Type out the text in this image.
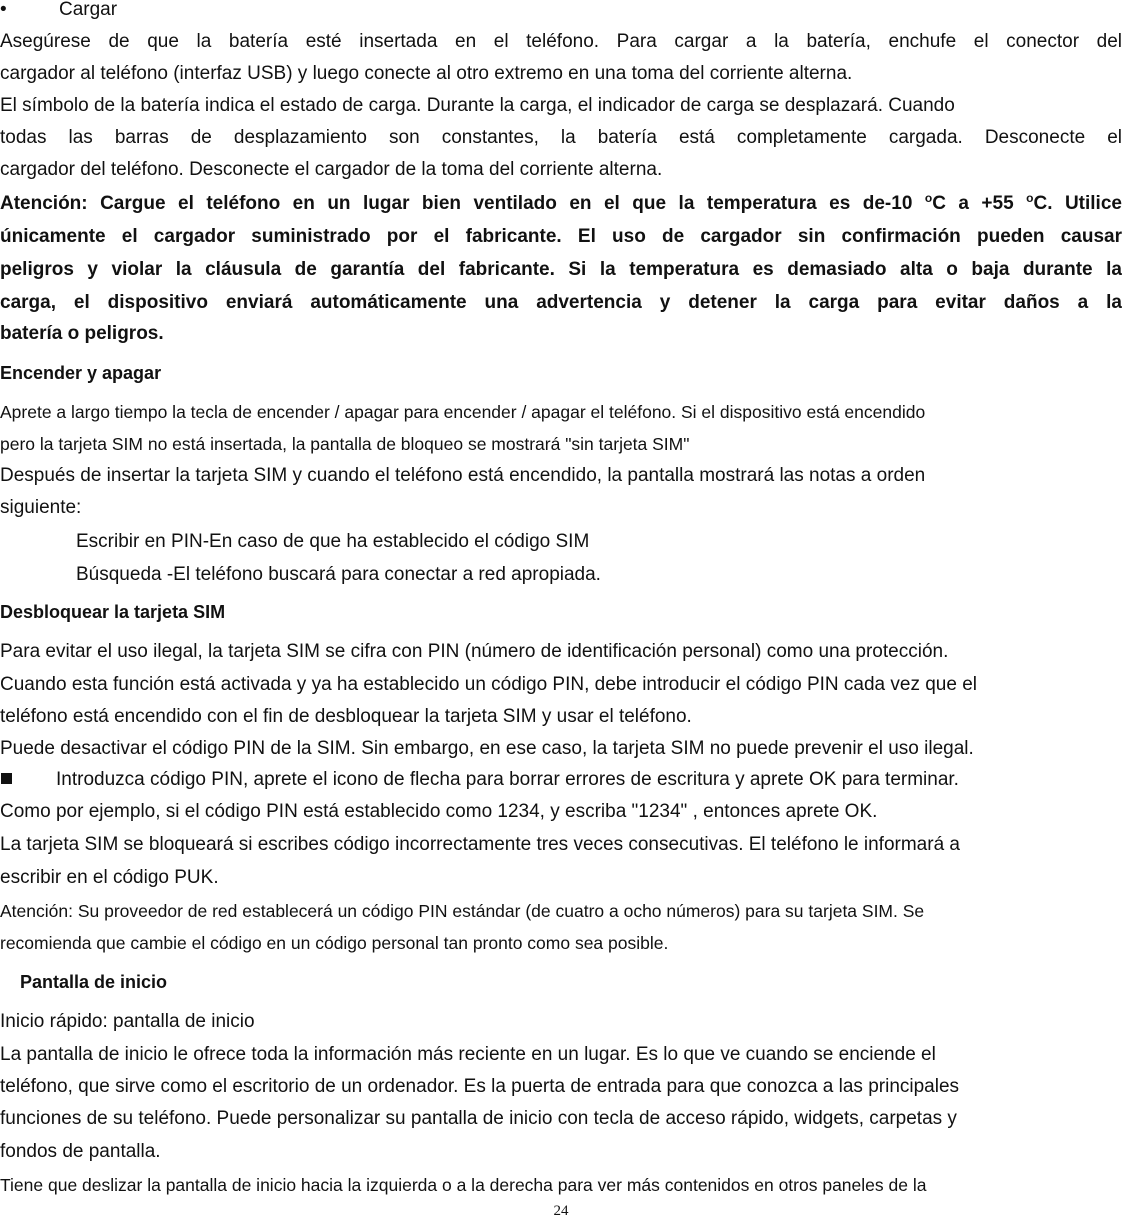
•	Cargar
Asegúrese de que la batería esté insertada en el teléfono. Para cargar a la batería, enchufe el conector del
cargador al teléfono (interfaz USB) y luego conecte al otro extremo en una toma del corriente alterna.
El símbolo de la batería indica el estado de carga. Durante la carga, el indicador de carga se desplazará. Cuando
todas las barras de desplazamiento son constantes, la batería está completamente cargada. Desconecte el
cargador del teléfono. Desconecte el cargador de la toma del corriente alterna.
Atención: Cargue el teléfono en un lugar bien ventilado en el que la temperatura es de-10 $^o$C a +55 $^o$C. Utilice
únicamente el cargador suministrado por el fabricante. El uso de cargador sin confirmación pueden causar
peligros y violar la cláusula de garantía del fabricante. Si la temperatura es demasiado alta o baja durante la
carga, el dispositivo enviará automáticamente una advertencia y detener la carga para evitar daños a la
batería o peligros.
Encender y apagar
Aprete a largo tiempo la tecla de encender / apagar para encender / apagar el teléfono. Si el dispositivo está encendido
pero la tarjeta SIM no está insertada, la pantalla de bloqueo se mostrará "sin tarjeta SIM"
Después de insertar la tarjeta SIM y cuando el teléfono está encendido, la pantalla mostrará las notas a orden
siguiente:
Escribir en PIN-En caso de que ha establecido el código SIM
Búsqueda -El teléfono buscará para conectar a red apropiada.
Desbloquear la tarjeta SIM
Para evitar el uso ilegal, la tarjeta SIM se cifra con PIN (número de identificación personal) como una protección.
Cuando esta función está activada y ya ha establecido un código PIN, debe introducir el código PIN cada vez que el
teléfono está encendido con el fin de desbloquear la tarjeta SIM y usar el teléfono.
Puede desactivar el código PIN de la SIM. Sin embargo, en ese caso, la tarjeta SIM no puede prevenir el uso ilegal.
Introduzca código PIN, aprete el icono de flecha para borrar errores de escritura y aprete OK para terminar.
Como por ejemplo, si el código PIN está establecido como 1234, y escriba "1234" , entonces aprete OK.
La tarjeta SIM se bloqueará si escribes código incorrectamente tres veces consecutivas. El teléfono le informará a
escribir en el código PUK.
Atención: Su proveedor de red establecerá un código PIN estándar (de cuatro a ocho números) para su tarjeta SIM. Se
recomienda que cambie el código en un código personal tan pronto como sea posible.
Pantalla de inicio
Inicio rápido: pantalla de inicio
La pantalla de inicio le ofrece toda la información más reciente en un lugar. Es lo que ve cuando se enciende el
teléfono, que sirve como el escritorio de un ordenador. Es la puerta de entrada para que conozca a las principales
funciones de su teléfono. Puede personalizar su pantalla de inicio con tecla de acceso rápido, widgets, carpetas y
fondos de pantalla.
Tiene que deslizar la pantalla de inicio hacia la izquierda o a la derecha para ver más contenidos en otros paneles de la
24
